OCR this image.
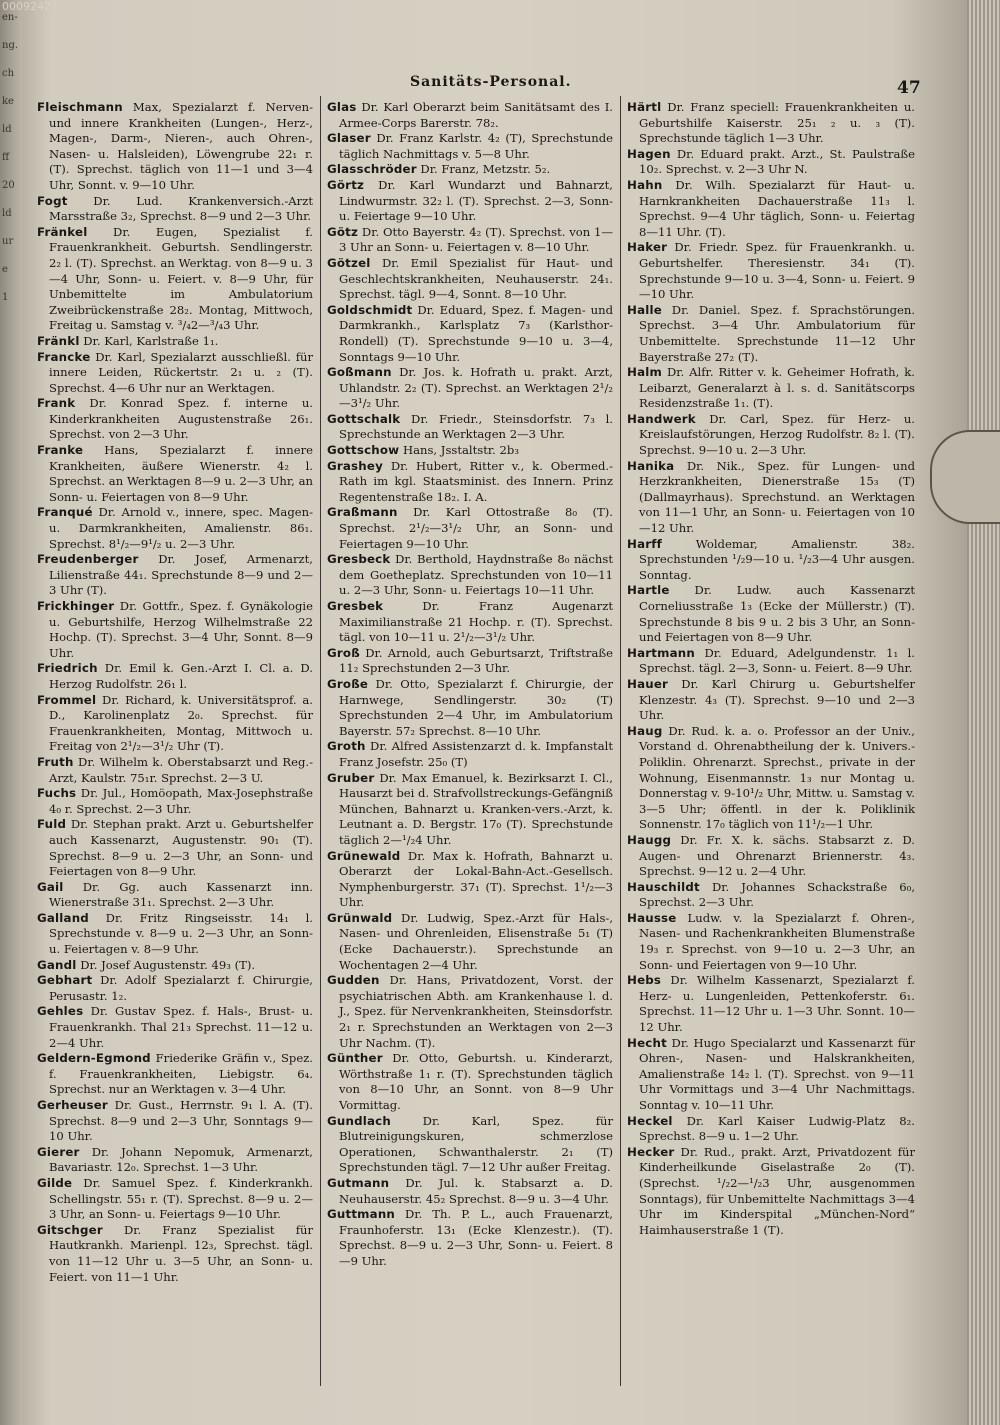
en-
ng.
ch
ke
ld
ff
20
ld
ur
e
1
00092427
Sanitäts-Personal.	47

Fleischmann Max, Spezialarzt f. Nerven- und innere Krankheiten (Lungen-, Herz-, Magen-, Darm-, Nieren-, auch Ohren-, Nasen- u. Halsleiden), Löwengrube 22₁ r. (T). Sprechst. täglich von 11—1 und 3—4 Uhr, Sonnt. v. 9—10 Uhr.

Fogt Dr. Lud. Krankenversich.-Arzt Marsstraße 3₂, Sprechst. 8—9 und 2—3 Uhr.

Fränkel Dr. Eugen, Spezialist f. Frauenkrankheit. Geburtsh. Sendlingerstr. 2₂ l. (T). Sprechst. an Werktag. von 8—9 u. 3—4 Uhr, Sonn- u. Feiert. v. 8—9 Uhr, für Unbemittelte im Ambulatorium Zweibrückenstraße 28₂. Montag, Mittwoch, Freitag u. Samstag v. ³/₄2—³/₄3 Uhr.

Fränkl Dr. Karl, Karlstraße 1₁.

Francke Dr. Karl, Spezialarzt ausschließl. für innere Leiden, Rückertstr. 2₁ u. ₂ (T). Sprechst. 4—6 Uhr nur an Werktagen.

Frank Dr. Konrad Spez. f. interne u. Kinderkrankheiten Augustenstraße 26₁. Sprechst. von 2—3 Uhr.

Franke Hans, Spezialarzt f. innere Krankheiten, äußere Wienerstr. 4₂ l. Sprechst. an Werktagen 8—9 u. 2—3 Uhr, an Sonn- u. Feiertagen von 8—9 Uhr.

Franqué Dr. Arnold v., innere, spec. Magen- u. Darmkrankheiten, Amalienstr. 86₁. Sprechst. 8¹/₂—9¹/₂ u. 2—3 Uhr.

Freudenberger Dr. Josef, Armenarzt, Lilienstraße 44₁. Sprechstunde 8—9 und 2—3 Uhr (T).

Frickhinger Dr. Gottfr., Spez. f. Gynäkologie u. Geburtshilfe, Herzog Wilhelmstraße 22 Hochp. (T). Sprechst. 3—4 Uhr, Sonnt. 8—9 Uhr.

Friedrich Dr. Emil k. Gen.-Arzt I. Cl. a. D. Herzog Rudolfstr. 26₁ l.

Frommel Dr. Richard, k. Universitätsprof. a. D., Karolinenplatz 2₀. Sprechst. für Frauenkrankheiten, Montag, Mittwoch u. Freitag von 2¹/₂—3¹/₂ Uhr (T).

Fruth Dr. Wilhelm k. Oberstabsarzt und Reg.-Arzt, Kaulstr. 75₁r. Sprechst. 2—3 U.

Fuchs Dr. Jul., Homöopath, Max-Josephstraße 4₀ r. Sprechst. 2—3 Uhr.

Fuld Dr. Stephan prakt. Arzt u. Geburtshelfer auch Kassenarzt, Augustenstr. 90₁ (T). Sprechst. 8—9 u. 2—3 Uhr, an Sonn- und Feiertagen von 8—9 Uhr.

Gail Dr. Gg. auch Kassenarzt inn. Wienerstraße 31₁. Sprechst. 2—3 Uhr.

Galland Dr. Fritz Ringseisstr. 14₁ l. Sprechstunde v. 8—9 u. 2—3 Uhr, an Sonn- u. Feiertagen v. 8—9 Uhr.

Gandl Dr. Josef Augustenstr. 49₃ (T).

Gebhart Dr. Adolf Spezialarzt f. Chirurgie, Perusastr. 1₂.

Gehles Dr. Gustav Spez. f. Hals-, Brust- u. Frauenkrankh. Thal 21₃ Sprechst. 11—12 u. 2—4 Uhr.

Geldern-Egmond Friederike Gräfin v., Spez. f. Frauenkrankheiten, Liebigstr. 6₄. Sprechst. nur an Werktagen v. 3—4 Uhr.

Gerheuser Dr. Gust., Herrnstr. 9₁ l. A. (T). Sprechst. 8—9 und 2—3 Uhr, Sonntags 9—10 Uhr.

Gierer Dr. Johann Nepomuk, Armenarzt, Bavariastr. 12₀. Sprechst. 1—3 Uhr.

Gilde Dr. Samuel Spez. f. Kinderkrankh. Schellingstr. 55₁ r. (T). Sprechst. 8—9 u. 2—3 Uhr, an Sonn- u. Feiertags 9—10 Uhr.

Gitschger Dr. Franz Spezialist für Hautkrankh. Marienpl. 12₃, Sprechst. tägl. von 11—12 Uhr u. 3—5 Uhr, an Sonn- u. Feiert. von 11—1 Uhr.

Glas Dr. Karl Oberarzt beim Sanitätsamt des I. Armee-Corps Barerstr. 78₂.

Glaser Dr. Franz Karlstr. 4₂ (T), Sprechstunde täglich Nachmittags v. 5—8 Uhr.

Glasschröder Dr. Franz, Metzstr. 5₂.

Görtz Dr. Karl Wundarzt und Bahnarzt, Lindwurmstr. 32₂ l. (T). Sprechst. 2—3, Sonn- u. Feiertage 9—10 Uhr.

Götz Dr. Otto Bayerstr. 4₂ (T). Sprechst. von 1—3 Uhr an Sonn- u. Feiertagen v. 8—10 Uhr.

Götzel Dr. Emil Spezialist für Haut- und Geschlechtskrankheiten, Neuhauserstr. 24₁. Sprechst. tägl. 9—4, Sonnt. 8—10 Uhr.

Goldschmidt Dr. Eduard, Spez. f. Magen- und Darmkrankh., Karlsplatz 7₃ (Karlsthor-Rondell) (T). Sprechstunde 9—10 u. 3—4, Sonntags 9—10 Uhr.

Goßmann Dr. Jos. k. Hofrath u. prakt. Arzt, Uhlandstr. 2₂ (T). Sprechst. an Werktagen 2¹/₂—3¹/₂ Uhr.

Gottschalk Dr. Friedr., Steinsdorfstr. 7₃ l. Sprechstunde an Werktagen 2—3 Uhr.

Gottschow Hans, Jsstaltstr. 2b₃

Grashey Dr. Hubert, Ritter v., k. Obermed.-Rath im kgl. Staatsminist. des Innern. Prinz Regentenstraße 18₂. I. A.

Graßmann Dr. Karl Ottostraße 8₀ (T). Sprechst. 2¹/₂—3¹/₂ Uhr, an Sonn- und Feiertagen 9—10 Uhr.

Gresbeck Dr. Berthold, Haydnstraße 8₀ nächst dem Goetheplatz. Sprechstunden von 10—11 u. 2—3 Uhr, Sonn- u. Feiertags 10—11 Uhr.

Gresbek Dr. Franz Augenarzt Maximilianstraße 21 Hochp. r. (T). Sprechst. tägl. von 10—11 u. 2¹/₂—3¹/₂ Uhr.

Groß Dr. Arnold, auch Geburtsarzt, Triftstraße 11₂ Sprechstunden 2—3 Uhr.

Große Dr. Otto, Spezialarzt f. Chirurgie, der Harnwege, Sendlingerstr. 30₂ (T) Sprechstunden 2—4 Uhr, im Ambulatorium Bayerstr. 57₂ Sprechst. 8—10 Uhr.

Groth Dr. Alfred Assistenzarzt d. k. Impfanstalt Franz Josefstr. 25₀ (T)

Gruber Dr. Max Emanuel, k. Bezirksarzt I. Cl., Hausarzt bei d. Strafvollstreckungs-Gefängniß München, Bahnarzt u. Kranken-vers.-Arzt, k. Leutnant a. D. Bergstr. 17₀ (T). Sprechstunde täglich 2—¹/₂4 Uhr.

Grünewald Dr. Max k. Hofrath, Bahnarzt u. Oberarzt der Lokal-Bahn-Act.-Gesellsch. Nymphenburgerstr. 37₁ (T). Sprechst. 1¹/₂—3 Uhr.

Grünwald Dr. Ludwig, Spez.-Arzt für Hals-, Nasen- und Ohrenleiden, Elisenstraße 5₁ (T) (Ecke Dachauerstr.). Sprechstunde an Wochentagen 2—4 Uhr.

Gudden Dr. Hans, Privatdozent, Vorst. der psychiatrischen Abth. am Krankenhause l. d. J., Spez. für Nervenkrankheiten, Steinsdorfstr. 2₁ r. Sprechstunden an Werktagen von 2—3 Uhr Nachm. (T).

Günther Dr. Otto, Geburtsh. u. Kinderarzt, Wörthstraße 1₁ r. (T). Sprechstunden täglich von 8—10 Uhr, an Sonnt. von 8—9 Uhr Vormittag.

Gundlach Dr. Karl, Spez. für Blutreinigungskuren, schmerzlose Operationen, Schwanthalerstr. 2₁ (T) Sprechstunden tägl. 7—12 Uhr außer Freitag.

Gutmann Dr. Jul. k. Stabsarzt a. D. Neuhauserstr. 45₂ Sprechst. 8—9 u. 3—4 Uhr.

Guttmann Dr. Th. P. L., auch Frauenarzt, Fraunhoferstr. 13₁ (Ecke Klenzestr.). (T). Sprechst. 8—9 u. 2—3 Uhr, Sonn- u. Feiert. 8—9 Uhr.

Härtl Dr. Franz speciell: Frauenkrankheiten u. Geburtshilfe Kaiserstr. 25₁ ₂ u. ₃ (T). Sprechstunde täglich 1—3 Uhr.

Hagen Dr. Eduard prakt. Arzt., St. Paulstraße 10₂. Sprechst. v. 2—3 Uhr N.

Hahn Dr. Wilh. Spezialarzt für Haut- u. Harnkrankheiten Dachauerstraße 11₃ l. Sprechst. 9—4 Uhr täglich, Sonn- u. Feiertag 8—11 Uhr. (T).

Haker Dr. Friedr. Spez. für Frauenkrankh. u. Geburtshelfer. Theresienstr. 34₁ (T). Sprechstunde 9—10 u. 3—4, Sonn- u. Feiert. 9—10 Uhr.

Halle Dr. Daniel. Spez. f. Sprachstörungen. Sprechst. 3—4 Uhr. Ambulatorium für Unbemittelte. Sprechstunde 11—12 Uhr Bayerstraße 27₂ (T).

Halm Dr. Alfr. Ritter v. k. Geheimer Hofrath, k. Leibarzt, Generalarzt à l. s. d. Sanitätscorps Residenzstraße 1₁. (T).

Handwerk Dr. Carl, Spez. für Herz- u. Kreislaufstörungen, Herzog Rudolfstr. 8₂ l. (T). Sprechst. 9—10 u. 2—3 Uhr.

Hanika Dr. Nik., Spez. für Lungen- und Herzkrankheiten, Dienerstraße 15₃ (T) (Dallmayrhaus). Sprechstund. an Werktagen von 11—1 Uhr, an Sonn- u. Feiertagen von 10—12 Uhr.

Harff Woldemar, Amalienstr. 38₂. Sprechstunden ¹/₂9—10 u. ¹/₂3—4 Uhr ausgen. Sonntag.

Hartle Dr. Ludw. auch Kassenarzt Corneliusstraße 1₃ (Ecke der Müllerstr.) (T). Sprechstunde 8 bis 9 u. 2 bis 3 Uhr, an Sonn- und Feiertagen von 8—9 Uhr.

Hartmann Dr. Eduard, Adelgundenstr. 1₁ l. Sprechst. tägl. 2—3, Sonn- u. Feiert. 8—9 Uhr.

Hauer Dr. Karl Chirurg u. Geburtshelfer Klenzestr. 4₃ (T). Sprechst. 9—10 und 2—3 Uhr.

Haug Dr. Rud. k. a. o. Professor an der Univ., Vorstand d. Ohrenabtheilung der k. Univers.-Poliklin. Ohrenarzt. Sprechst., private in der Wohnung, Eisenmannstr. 1₃ nur Montag u. Donnerstag v. 9-10¹/₂ Uhr, Mittw. u. Samstag v. 3—5 Uhr; öffentl. in der k. Poliklinik Sonnenstr. 17₀ täglich von 11¹/₂—1 Uhr.

Haugg Dr. Fr. X. k. sächs. Stabsarzt z. D. Augen- und Ohrenarzt Briennerstr. 4₃. Sprechst. 9—12 u. 2—4 Uhr.

Hauschildt Dr. Johannes Schackstraße 6₀, Sprechst. 2—3 Uhr.

Hausse Ludw. v. la Spezialarzt f. Ohren-, Nasen- und Rachenkrankheiten Blumenstraße 19₃ r. Sprechst. von 9—10 u. 2—3 Uhr, an Sonn- und Feiertagen von 9—10 Uhr.

Hebs Dr. Wilhelm Kassenarzt, Spezialarzt f. Herz- u. Lungenleiden, Pettenkoferstr. 6₁. Sprechst. 11—12 Uhr u. 1—3 Uhr. Sonnt. 10—12 Uhr.

Hecht Dr. Hugo Specialarzt und Kassenarzt für Ohren-, Nasen- und Halskrankheiten, Amalienstraße 14₂ l. (T). Sprechst. von 9—11 Uhr Vormittags und 3—4 Uhr Nachmittags. Sonntag v. 10—11 Uhr.

Heckel Dr. Karl Kaiser Ludwig-Platz 8₂. Sprechst. 8—9 u. 1—2 Uhr.

Hecker Dr. Rud., prakt. Arzt, Privatdozent für Kinderheilkunde Giselastraße 2₀ (T). (Sprechst. ¹/₂2—¹/₂3 Uhr, ausgenommen Sonntags), für Unbemittelte Nachmittags 3—4 Uhr im Kinderspital „München-Nord“ Haimhauserstraße 1 (T).
